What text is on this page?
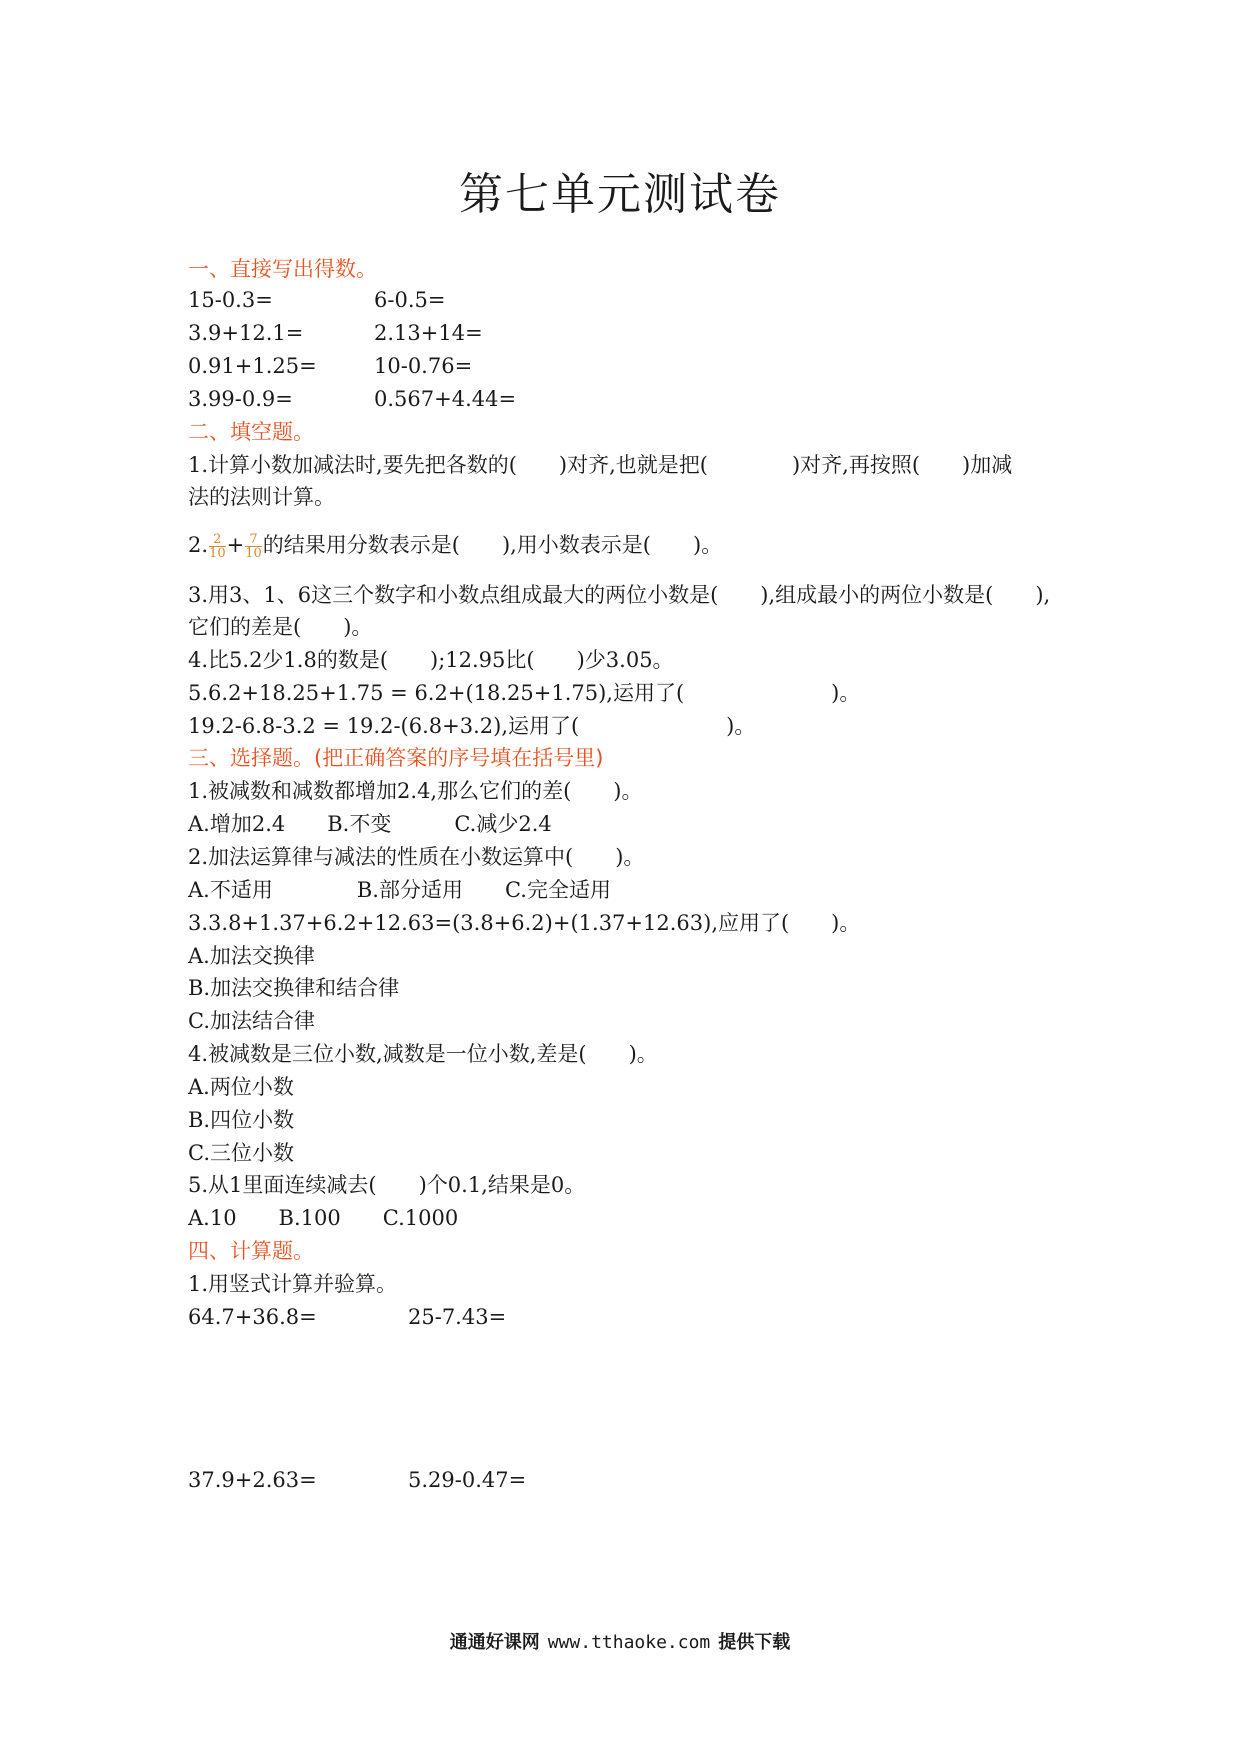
第七单元测试卷
一、直接写出得数。
15-0.3=	6-0.5=
3.9+12.1=	2.13+14=
0.91+1.25=	10-0.76=
3.99-0.9=	0.567+4.44=
二、填空题。
1.计算小数加减法时,要先把各数的(　　)对齐,也就是把(　　　　)对齐,再按照(　　)加减
法的法则计算。
2. $\frac{2}{10} + \frac{7}{10}$ 的结果用分数表示是(　　),用小数表示是(　　)。
3.用3、1、6这三个数字和小数点组成最大的两位小数是(　　),组成最小的两位小数是(　　),
它们的差是(　　)。
4.比5.2少1.8的数是(　　);12.95比(　　)少3.05。
5.6.2+18.25+1.75 = 6.2+(18.25+1.75),运用了(　　　　　　　)。
19.2-6.8-3.2 = 19.2-(6.8+3.2),运用了(　　　　　　　)。
三、选择题。(把正确答案的序号填在括号里)
1.被减数和减数都增加2.4,那么它们的差(　　)。
A.增加2.4　　B.不变　　　C.减少2.4
2.加法运算律与减法的性质在小数运算中(　　)。
A.不适用　　　　B.部分适用　　C.完全适用
3.3.8+1.37+6.2+12.63=(3.8+6.2)+(1.37+12.63),应用了(　　)。
A.加法交换律
B.加法交换律和结合律
C.加法结合律
4.被减数是三位小数,减数是一位小数,差是(　　)。
A.两位小数
B.四位小数
C.三位小数
5.从1里面连续减去(　　)个0.1,结果是0。
A.10　　B.100　　C.1000
四、计算题。
1.用竖式计算并验算。
64.7+36.8=	25-7.43=
37.9+2.63=	5.29-0.47=
通通好课网 www.tthaoke.com 提供下载
